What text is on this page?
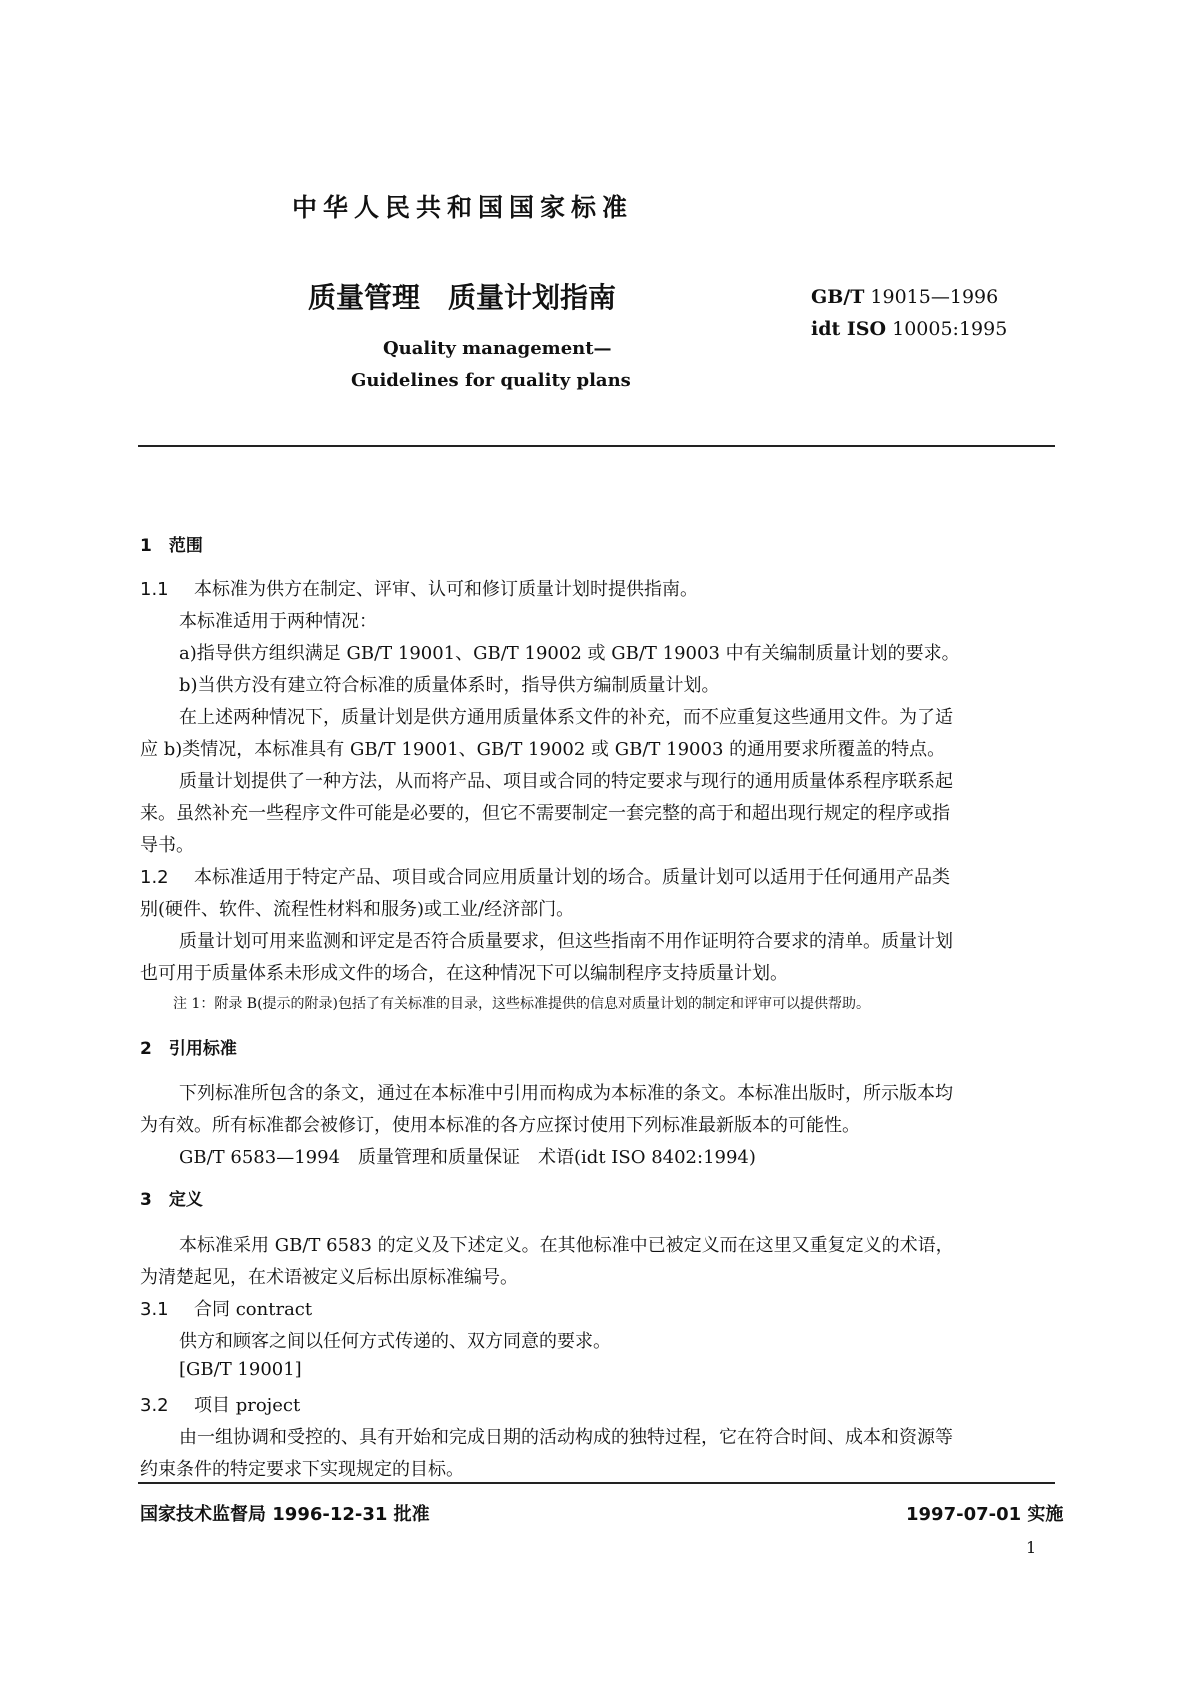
中华人民共和国国家标准
质量管理　质量计划指南	GB/T 19015—1996
idt ISO 10005:1995
Quality management—
Guidelines for quality plans
1　范围
1.1 本标准为供方在制定、评审、认可和修订质量计划时提供指南。
本标准适用于两种情况：
a)指导供方组织满足 GB/T 19001、GB/T 19002 或 GB/T 19003 中有关编制质量计划的要求。
b)当供方没有建立符合标准的质量体系时，指导供方编制质量计划。
在上述两种情况下，质量计划是供方通用质量体系文件的补充，而不应重复这些通用文件。为了适
应 b)类情况，本标准具有 GB/T 19001、GB/T 19002 或 GB/T 19003 的通用要求所覆盖的特点。
质量计划提供了一种方法，从而将产品、项目或合同的特定要求与现行的通用质量体系程序联系起
来。虽然补充一些程序文件可能是必要的，但它不需要制定一套完整的高于和超出现行规定的程序或指
导书。
1.2 本标准适用于特定产品、项目或合同应用质量计划的场合。质量计划可以适用于任何通用产品类
别(硬件、软件、流程性材料和服务)或工业/经济部门。
质量计划可用来监测和评定是否符合质量要求，但这些指南不用作证明符合要求的清单。质量计划
也可用于质量体系未形成文件的场合，在这种情况下可以编制程序支持质量计划。
注 1：附录 B(提示的附录)包括了有关标准的目录，这些标准提供的信息对质量计划的制定和评审可以提供帮助。
2　引用标准
下列标准所包含的条文，通过在本标准中引用而构成为本标准的条文。本标准出版时，所示版本均
为有效。所有标准都会被修订，使用本标准的各方应探讨使用下列标准最新版本的可能性。
GB/T 6583—1994　质量管理和质量保证　术语(idt ISO 8402:1994)
3　定义
本标准采用 GB/T 6583 的定义及下述定义。在其他标准中已被定义而在这里又重复定义的术语，
为清楚起见，在术语被定义后标出原标准编号。
3.1 合同 contract
供方和顾客之间以任何方式传递的、双方同意的要求。
[GB/T 19001]
3.2 项目 project
由一组协调和受控的、具有开始和完成日期的活动构成的独特过程，它在符合时间、成本和资源等
约束条件的特定要求下实现规定的目标。
国家技术监督局 1996-12-31 批准	1997-07-01 实施
1
